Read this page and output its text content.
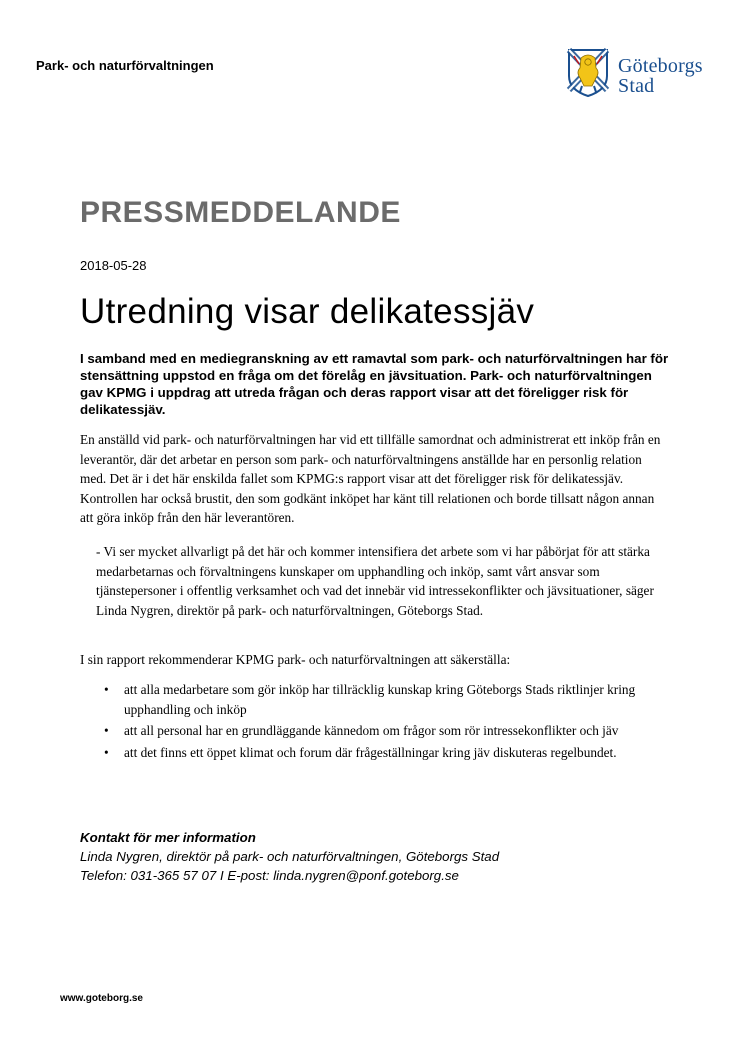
Park- och naturförvaltningen	Göteborgs
Stad
PRESSMEDDELANDE
2018-05-28
Utredning visar delikatessjäv
I samband med en mediegranskning av ett ramavtal som park- och naturförvaltningen har för stensättning uppstod en fråga om det förelåg en jävsituation. Park- och naturförvaltningen gav KPMG i uppdrag att utreda frågan och deras rapport visar att det föreligger risk för delikatessjäv.
En anställd vid park- och naturförvaltningen har vid ett tillfälle samordnat och administrerat ett inköp från en leverantör, där det arbetar en person som park- och naturförvaltningens anställde har en personlig relation med. Det är i det här enskilda fallet som KPMG:s rapport visar att det föreligger risk för delikatessjäv. Kontrollen har också brustit, den som godkänt inköpet har känt till relationen och borde tillsatt någon annan att göra inköp från den här leverantören.
- Vi ser mycket allvarligt på det här och kommer intensifiera det arbete som vi har påbörjat för att stärka medarbetarnas och förvaltningens kunskaper om upphandling och inköp, samt vårt ansvar som tjänstepersoner i offentlig verksamhet och vad det innebär vid intressekonflikter och jävsituationer, säger Linda Nygren, direktör på park- och naturförvaltningen, Göteborgs Stad.
I sin rapport rekommenderar KPMG park- och naturförvaltningen att säkerställa:
• att alla medarbetare som gör inköp har tillräcklig kunskap kring Göteborgs Stads riktlinjer kring upphandling och inköp
• att all personal har en grundläggande kännedom om frågor som rör intressekonflikter och jäv
• att det finns ett öppet klimat och forum där frågeställningar kring jäv diskuteras regelbundet.
Kontakt för mer information
Linda Nygren, direktör på park- och naturförvaltningen, Göteborgs Stad
Telefon: 031-365 57 07 I E-post: linda.nygren@ponf.goteborg.se
www.goteborg.se
